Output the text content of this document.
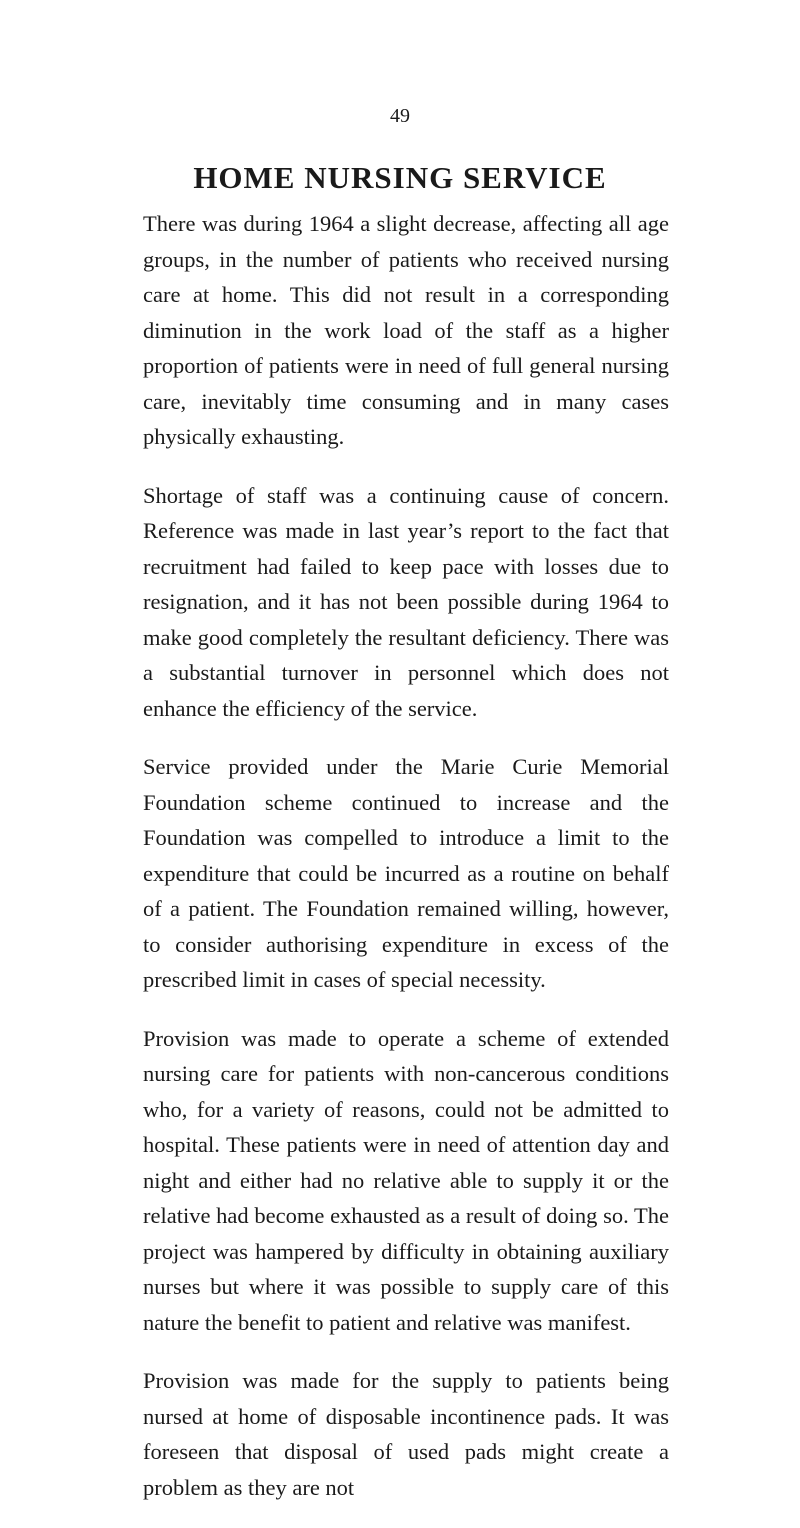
49
HOME NURSING SERVICE

There was during 1964 a slight decrease, affecting all age groups, in the number of patients who received nursing care at home. This did not result in a corresponding diminution in the work load of the staff as a higher proportion of patients were in need of full general nursing care, inevitably time consuming and in many cases physically exhausting.

Shortage of staff was a continuing cause of concern. Reference was made in last year’s report to the fact that recruitment had failed to keep pace with losses due to resignation, and it has not been possible during 1964 to make good completely the resultant deficiency. There was a substantial turnover in personnel which does not enhance the efficiency of the service.

Service provided under the Marie Curie Memorial Foundation scheme continued to increase and the Foundation was compelled to introduce a limit to the expenditure that could be incurred as a routine on behalf of a patient. The Foundation remained willing, however, to consider authorising expenditure in excess of the prescribed limit in cases of special necessity.

Provision was made to operate a scheme of extended nursing care for patients with non-cancerous conditions who, for a variety of reasons, could not be admitted to hospital. These patients were in need of attention day and night and either had no relative able to supply it or the relative had become exhausted as a result of doing so. The project was hampered by difficulty in obtaining auxiliary nurses but where it was possible to supply care of this nature the benefit to patient and relative was manifest.

Provision was made for the supply to patients being nursed at home of disposable incontinence pads. It was foreseen that disposal of used pads might create a problem as they are not
